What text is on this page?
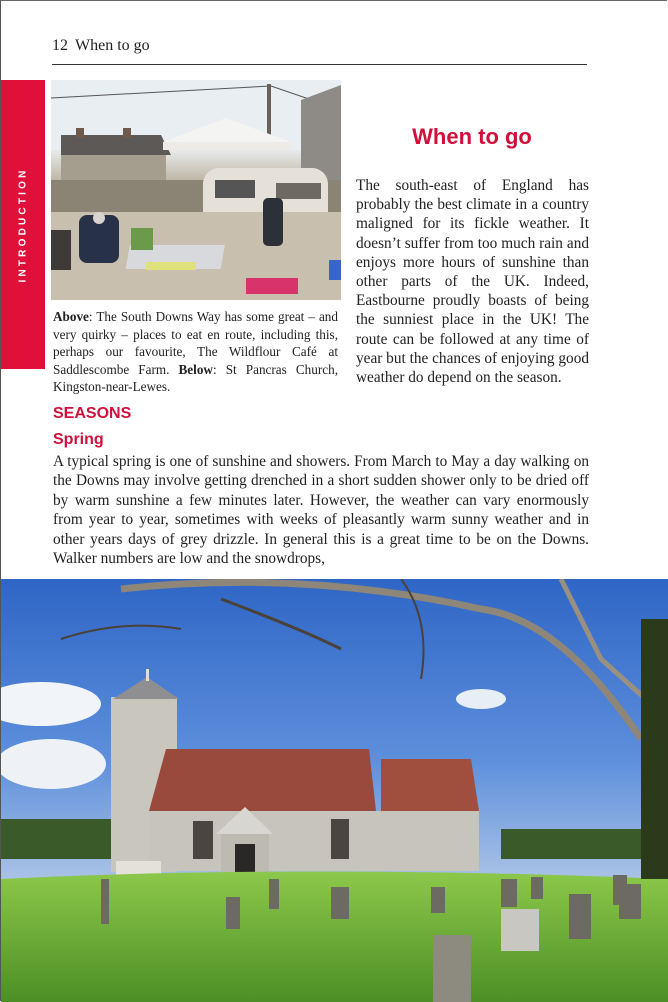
12 When to go
INTRODUCTION
Above: The South Downs Way has some great – and very quirky – places to eat en route, including this, perhaps our favourite, The Wildflour Café at Saddlescombe Farm. Below: St Pancras Church, Kingston-near-Lewes.
When to go
The south-east of England has probably the best climate in a country maligned for its fickle weather. It doesn’t suffer from too much rain and enjoys more hours of sunshine than other parts of the UK. Indeed, Eastbourne proudly boasts of being the sunniest place in the UK! The route can be followed at any time of year but the chances of enjoying good weather do depend on the season.
SEASONS
Spring
A typical spring is one of sunshine and showers. From March to May a day walking on the Downs may involve getting drenched in a short sudden shower only to be dried off by warm sunshine a few minutes later. However, the weather can vary enormously from year to year, sometimes with weeks of pleasantly warm sunny weather and in other years days of grey drizzle. In general this is a great time to be on the Downs. Walker numbers are low and the snowdrops,
